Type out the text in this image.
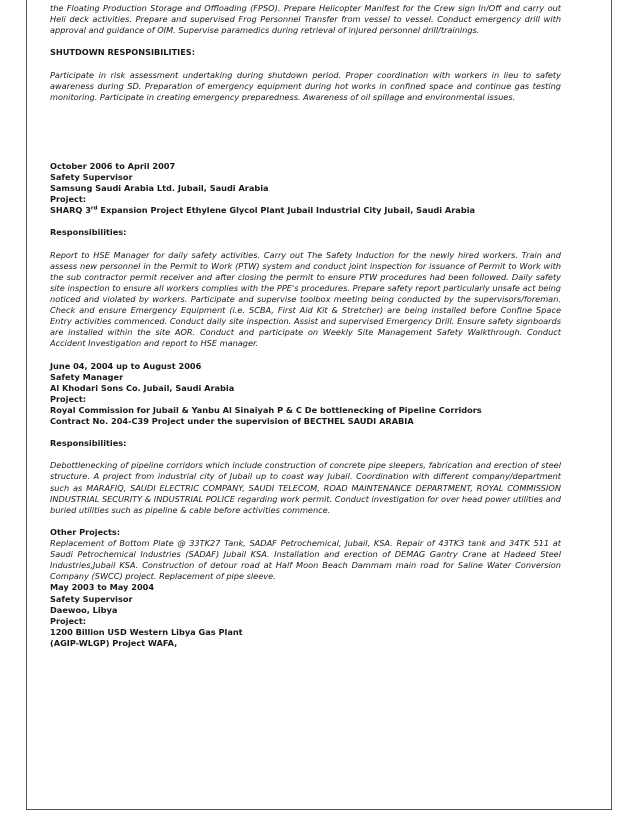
the Floating Production Storage and Offloading (FPSO). Prepare Helicopter Manifest for the Crew sign In/Off and carry out Heli deck activities. Prepare and supervised Frog Personnel Transfer from vessel to vessel. Conduct emergency drill with approval and guidance of OIM. Supervise paramedics during retrieval of injured personnel drill/trainings.

SHUTDOWN RESPONSIBILITIES:

Participate in risk assessment undertaking during shutdown period. Proper coordination with workers in lieu to safety awareness during SD. Preparation of emergency equipment during hot works in confined space and continue gas testing monitoring. Participate in creating emergency preparedness. Awareness of oil spillage and environmental issues.

October 2006 to April 2007

Safety Supervisor

Samsung Saudi Arabia Ltd. Jubail, Saudi Arabia

Project:

SHARQ 3rd Expansion Project Ethylene Glycol Plant Jubail Industrial City Jubail, Saudi Arabia

Responsibilities:

Report to HSE Manager for daily safety activities. Carry out The Safety Induction for the newly hired workers. Train and assess new personnel in the Permit to Work (PTW) system and conduct joint inspection for issuance of Permit to Work with the sub contractor permit receiver and after closing the permit to ensure PTW procedures had been followed. Daily safety site inspection to ensure all workers complies with the PPE's procedures. Prepare safety report particularly unsafe act being noticed and violated by workers. Participate and supervise toolbox meeting being conducted by the supervisors/foreman. Check and ensure Emergency Equipment (i.e. SCBA, First Aid Kit & Stretcher) are being installed before Confine Space Entry activities commenced. Conduct daily site inspection. Assist and supervised Emergency Drill. Ensure safety signboards are installed within the site AOR. Conduct and participate on Weekly Site Management Safety Walkthrough. Conduct Accident Investigation and report to HSE manager.

June 04, 2004 up to August 2006

Safety Manager

Al Khodari Sons Co. Jubail, Saudi Arabia

Project:

Royal Commission for Jubail & Yanbu Al Sinaiyah P & C De bottlenecking of Pipeline Corridors

Contract No. 204-C39 Project under the supervision of BECTHEL SAUDI ARABIA

Responsibilities:

Debottlenecking of pipeline corridors which include construction of concrete pipe sleepers, fabrication and erection of steel structure. A project from industrial city of Jubail up to coast way Jubail. Coordination with different company/department such as MARAFIQ, SAUDI ELECTRIC COMPANY, SAUDI TELECOM, ROAD MAINTENANCE DEPARTMENT, ROYAL COMMISSION INDUSTRIAL SECURITY & INDUSTRIAL POLICE regarding work permit. Conduct investigation for over head power utilities and buried utilities such as pipeline & cable before activities commence.

Other Projects:

Replacement of Bottom Plate @ 33TK27 Tank, SADAF Petrochemical, Jubail, KSA. Repair of 43TK3 tank and 34TK 511 at Saudi Petrochemical Industries (SADAF) Jubail KSA. Installation and erection of DEMAG Gantry Crane at Hadeed Steel Industries,Jubail KSA. Construction of detour road at Half Moon Beach Dammam main road for Saline Water Conversion Company (SWCC) project. Replacement of pipe sleeve.

May 2003 to May 2004

Safety Supervisor

Daewoo, Libya

Project:

1200 Billion USD Western Libya Gas Plant

(AGIP-WLGP) Project WAFA,
